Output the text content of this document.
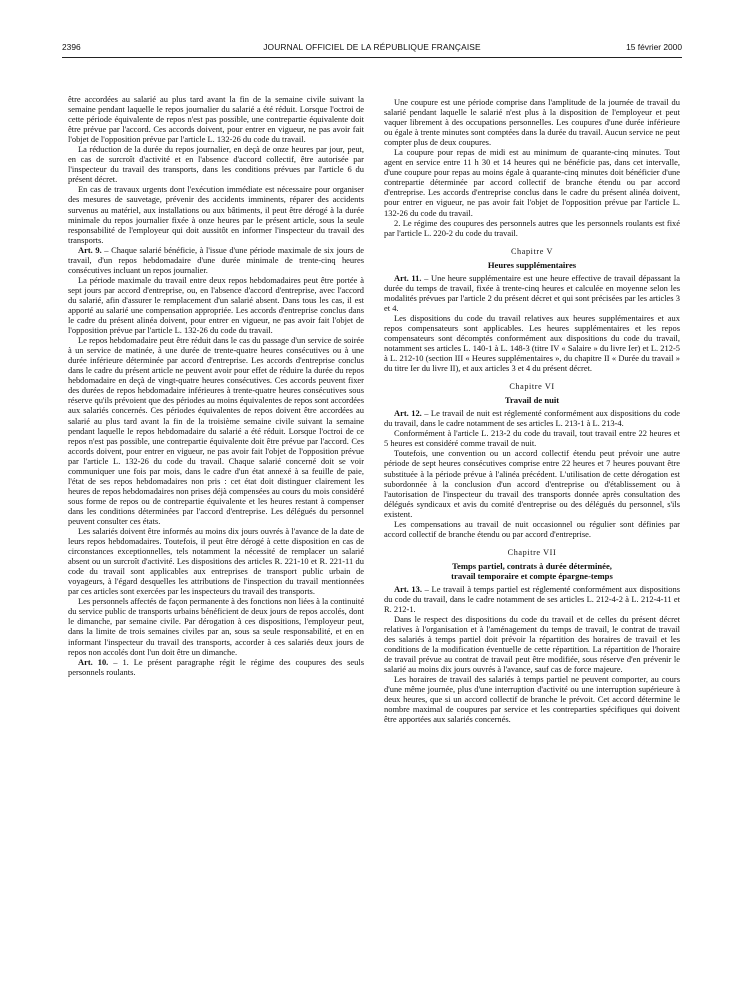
2396	JOURNAL OFFICIEL DE LA RÉPUBLIQUE FRANÇAISE	15 février 2000

être accordées au salarié au plus tard avant la fin de la semaine civile suivant la semaine pendant laquelle le repos journalier du salarié a été réduit. Lorsque l'octroi de cette période équivalente de repos n'est pas possible, une contrepartie équivalente doit être prévue par l'accord. Ces accords doivent, pour entrer en vigueur, ne pas avoir fait l'objet de l'opposition prévue par l'article L. 132-26 du code du travail.

La réduction de la durée du repos journalier, en deçà de onze heures par jour, peut, en cas de surcroît d'activité et en l'absence d'accord collectif, être autorisée par l'inspecteur du travail des transports, dans les conditions prévues par l'article 6 du présent décret.

En cas de travaux urgents dont l'exécution immédiate est nécessaire pour organiser des mesures de sauvetage, prévenir des accidents imminents, réparer des accidents survenus au matériel, aux installations ou aux bâtiments, il peut être dérogé à la durée minimale du repos journalier fixée à onze heures par le présent article, sous la seule responsabilité de l'employeur qui doit aussitôt en informer l'inspecteur du travail des transports.

Art. 9. – Chaque salarié bénéficie, à l'issue d'une période maximale de six jours de travail, d'un repos hebdomadaire d'une durée minimale de trente-cinq heures consécutives incluant un repos journalier.

La période maximale du travail entre deux repos hebdomadaires peut être portée à sept jours par accord d'entreprise, ou, en l'absence d'accord d'entreprise, avec l'accord du salarié, afin d'assurer le remplacement d'un salarié absent. Dans tous les cas, il est apporté au salarié une compensation appropriée. Les accords d'entreprise conclus dans le cadre du présent alinéa doivent, pour entrer en vigueur, ne pas avoir fait l'objet de l'opposition prévue par l'article L. 132-26 du code du travail.

Le repos hebdomadaire peut être réduit dans le cas du passage d'un service de soirée à un service de matinée, à une durée de trente-quatre heures consécutives ou à une durée inférieure déterminée par accord d'entreprise. Les accords d'entreprise conclus dans le cadre du présent article ne peuvent avoir pour effet de réduire la durée du repos hebdomadaire en deçà de vingt-quatre heures consécutives. Ces accords peuvent fixer des durées de repos hebdomadaire inférieures à trente-quatre heures consécutives sous réserve qu'ils prévoient que des périodes au moins équivalentes de repos sont accordées aux salariés concernés. Ces périodes équivalentes de repos doivent être accordées au salarié au plus tard avant la fin de la troisième semaine civile suivant la semaine pendant laquelle le repos hebdomadaire du salarié a été réduit. Lorsque l'octroi de ce repos n'est pas possible, une contrepartie équivalente doit être prévue par l'accord. Ces accords doivent, pour entrer en vigueur, ne pas avoir fait l'objet de l'opposition prévue par l'article L. 132-26 du code du travail. Chaque salarié concerné doit se voir communiquer une fois par mois, dans le cadre d'un état annexé à sa feuille de paie, l'état de ses repos hebdomadaires non pris : cet état doit distinguer clairement les heures de repos hebdomadaires non prises déjà compensées au cours du mois considéré sous forme de repos ou de contrepartie équivalente et les heures restant à compenser dans les conditions déterminées par l'accord d'entreprise. Les délégués du personnel peuvent consulter ces états.

Les salariés doivent être informés au moins dix jours ouvrés à l'avance de la date de leurs repos hebdomadaires. Toutefois, il peut être dérogé à cette disposition en cas de circonstances exceptionnelles, tels notamment la nécessité de remplacer un salarié absent ou un surcroît d'activité. Les dispositions des articles R. 221-10 et R. 221-11 du code du travail sont applicables aux entreprises de transport public urbain de voyageurs, à l'égard desquelles les attributions de l'inspection du travail mentionnées par ces articles sont exercées par les inspecteurs du travail des transports.

Les personnels affectés de façon permanente à des fonctions non liées à la continuité du service public de transports urbains bénéficient de deux jours de repos accolés, dont le dimanche, par semaine civile. Par dérogation à ces dispositions, l'employeur peut, dans la limite de trois semaines civiles par an, sous sa seule responsabilité, et en en informant l'inspecteur du travail des transports, accorder à ces salariés deux jours de repos non accolés dont l'un doit être un dimanche.

Art. 10. – 1. Le présent paragraphe régit le régime des coupures des seuls personnels roulants.

Une coupure est une période comprise dans l'amplitude de la journée de travail du salarié pendant laquelle le salarié n'est plus à la disposition de l'employeur et peut vaquer librement à des occupations personnelles. Les coupures d'une durée inférieure ou égale à trente minutes sont comptées dans la durée du travail. Aucun service ne peut compter plus de deux coupures.

La coupure pour repas de midi est au minimum de quarante-cinq minutes. Tout agent en service entre 11 h 30 et 14 heures qui ne bénéficie pas, dans cet intervalle, d'une coupure pour repas au moins égale à quarante-cinq minutes doit bénéficier d'une contrepartie déterminée par accord collectif de branche étendu ou par accord d'entreprise. Les accords d'entreprise conclus dans le cadre du présent alinéa doivent, pour entrer en vigueur, ne pas avoir fait l'objet de l'opposition prévue par l'article L. 132-26 du code du travail.

2. Le régime des coupures des personnels autres que les personnels roulants est fixé par l'article L. 220-2 du code du travail.

Chapitre V
Heures supplémentaires

Art. 11. – Une heure supplémentaire est une heure effective de travail dépassant la durée du temps de travail, fixée à trente-cinq heures et calculée en moyenne selon les modalités prévues par l'article 2 du présent décret et qui sont précisées par les articles 3 et 4.

Les dispositions du code du travail relatives aux heures supplémentaires et aux repos compensateurs sont applicables. Les heures supplémentaires et les repos compensateurs sont décomptés conformément aux dispositions du code du travail, notamment ses articles L. 140-1 à L. 148-3 (titre IV « Salaire » du livre Ier) et L. 212-5 à L. 212-10 (section III « Heures supplémentaires », du chapitre II « Durée du travail » du titre Ier du livre II), et aux articles 3 et 4 du présent décret.

Chapitre VI
Travail de nuit

Art. 12. – Le travail de nuit est réglementé conformément aux dispositions du code du travail, dans le cadre notamment de ses articles L. 213-1 à L. 213-4.

Conformément à l'article L. 213-2 du code du travail, tout travail entre 22 heures et 5 heures est considéré comme travail de nuit.

Toutefois, une convention ou un accord collectif étendu peut prévoir une autre période de sept heures consécutives comprise entre 22 heures et 7 heures pouvant être substituée à la période prévue à l'alinéa précédent. L'utilisation de cette dérogation est subordonnée à la conclusion d'un accord d'entreprise ou d'établissement ou à l'autorisation de l'inspecteur du travail des transports donnée après consultation des délégués syndicaux et avis du comité d'entreprise ou des délégués du personnel, s'ils existent.

Les compensations au travail de nuit occasionnel ou régulier sont définies par accord collectif de branche étendu ou par accord d'entreprise.

Chapitre VII
Temps partiel, contrats à durée déterminée,
travail temporaire et compte épargne-temps

Art. 13. – Le travail à temps partiel est réglementé conformément aux dispositions du code du travail, dans le cadre notamment de ses articles L. 212-4-2 à L. 212-4-11 et R. 212-1.

Dans le respect des dispositions du code du travail et de celles du présent décret relatives à l'organisation et à l'aménagement du temps de travail, le contrat de travail des salariés à temps partiel doit prévoir la répartition des horaires de travail et les conditions de la modification éventuelle de cette répartition. La répartition de l'horaire de travail prévue au contrat de travail peut être modifiée, sous réserve d'en prévenir le salarié au moins dix jours ouvrés à l'avance, sauf cas de force majeure.

Les horaires de travail des salariés à temps partiel ne peuvent comporter, au cours d'une même journée, plus d'une interruption d'activité ou une interruption supérieure à deux heures, que si un accord collectif de branche le prévoit. Cet accord détermine le nombre maximal de coupures par service et les contreparties spécifiques qui doivent être apportées aux salariés concernés.
